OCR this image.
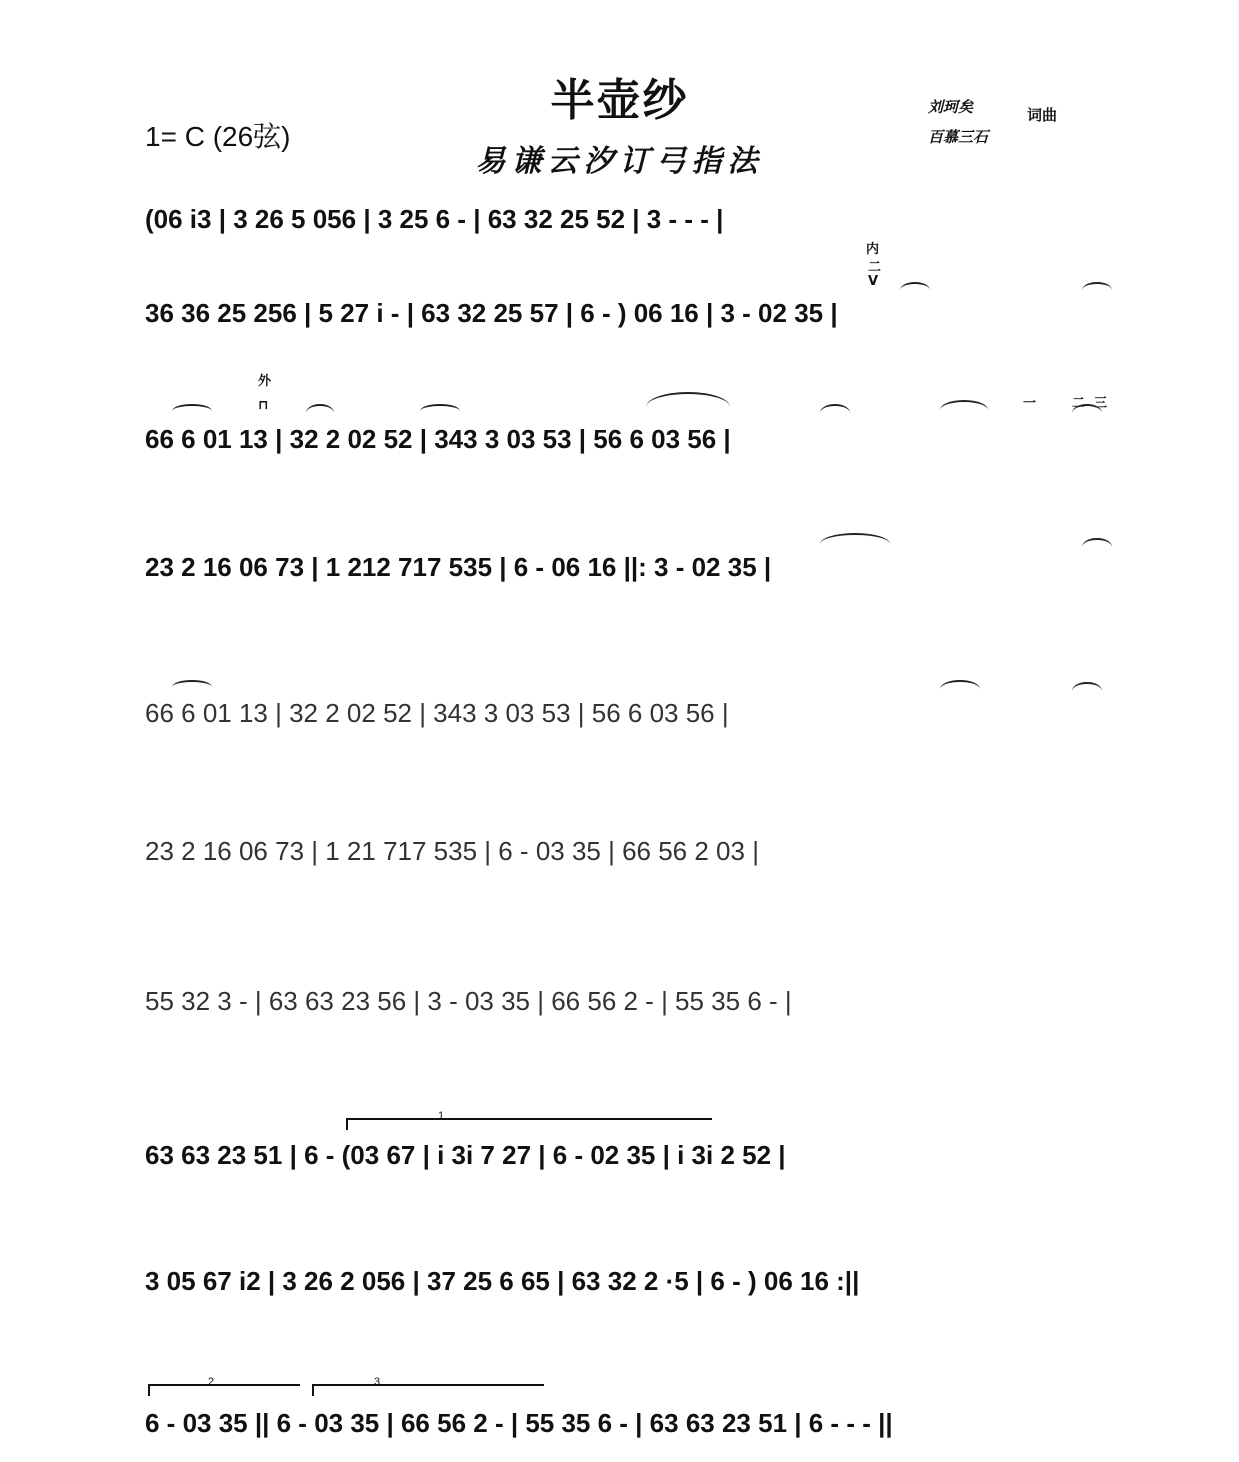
半壶纱
易谦云汐订弓指法
1= C (26弦)
刘珂矣
百慕三石
词曲
内
二
V
外
⊓	一	二 三
(06 i3 | 3 26 5 056 | 3 25 6 - | 63 32 25 52 | 3 - - - |
36 36 25 256 | 5 27 i - | 63 32 25 57 | 6 - ) 06 16 | 3 - 02 35 |
66 6 01 13 | 32 2 02 52 | 343 3 03 53 | 56 6 03 56 |
23 2 16 06 73 | 1 212 717 535 | 6 - 06 16 ||: 3 - 02 35 |
66 6 01 13 | 32 2 02 52 | 343 3 03 53 | 56 6 03 56 |
23 2 16 06 73 | 1 21 717 535 | 6 - 03 35 | 66 56 2 03 |
55 32 3 - | 63 63 23 56 | 3 - 03 35 | 66 56 2 - | 55 35 6 - |
63 63 23 51 | 6 - (03 67 | i 3i 7 27 | 6 - 02 35 | i 3i 2 52 |
3 05 67 i2 | 3 26 2 056 | 37 25 6 65 | 63 32 2 ·5 | 6 - ) 06 16 :||
6 - 03 35 || 6 - 03 35 | 66 56 2 - | 55 35 6 - | 63 63 23 51 | 6 - - - ||
1
2	3
